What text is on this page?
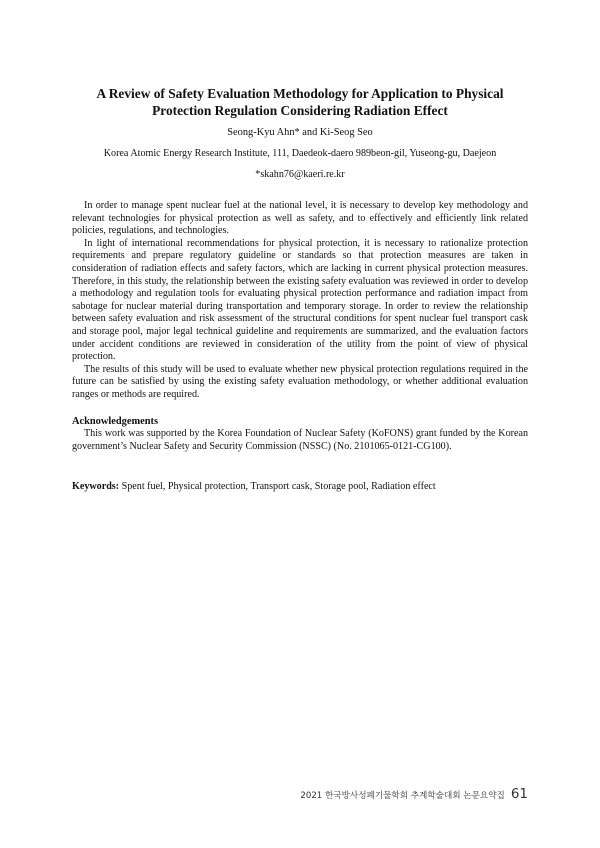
A Review of Safety Evaluation Methodology for Application to Physical
Protection Regulation Considering Radiation Effect
Seong-Kyu Ahn* and Ki-Seog Seo
Korea Atomic Energy Research Institute, 111, Daedeok-daero 989beon-gil, Yuseong-gu, Daejeon
*skahn76@kaeri.re.kr

In order to manage spent nuclear fuel at the national level, it is necessary to develop key methodology and relevant technologies for physical protection as well as safety, and to effectively and efficiently link related policies, regulations, and technologies.

In light of international recommendations for physical protection, it is necessary to rationalize protection requirements and prepare regulatory guideline or standards so that protection measures are taken in consideration of radiation effects and safety factors, which are lacking in current physical protection measures. Therefore, in this study, the relationship between the existing safety evaluation was reviewed in order to develop a methodology and regulation tools for evaluating physical protection performance and radiation impact from sabotage for nuclear material during transportation and temporary storage. In order to review the relationship between safety evaluation and risk assessment of the structural conditions for spent nuclear fuel transport cask and storage pool, major legal technical guideline and requirements are summarized, and the evaluation factors under accident conditions are reviewed in consideration of the utility from the point of view of physical protection.

The results of this study will be used to evaluate whether new physical protection regulations required in the future can be satisfied by using the existing safety evaluation methodology, or whether additional evaluation ranges or methods are required.

Acknowledgements

This work was supported by the Korea Foundation of Nuclear Safety (KoFONS) grant funded by the Korean government’s Nuclear Safety and Security Commission (NSSC) (No. 2101065-0121-CG100).

Keywords: Spent fuel, Physical protection, Transport cask, Storage pool, Radiation effect
2021 한국방사성폐기물학회 추계학술대회 논문요약집 61
